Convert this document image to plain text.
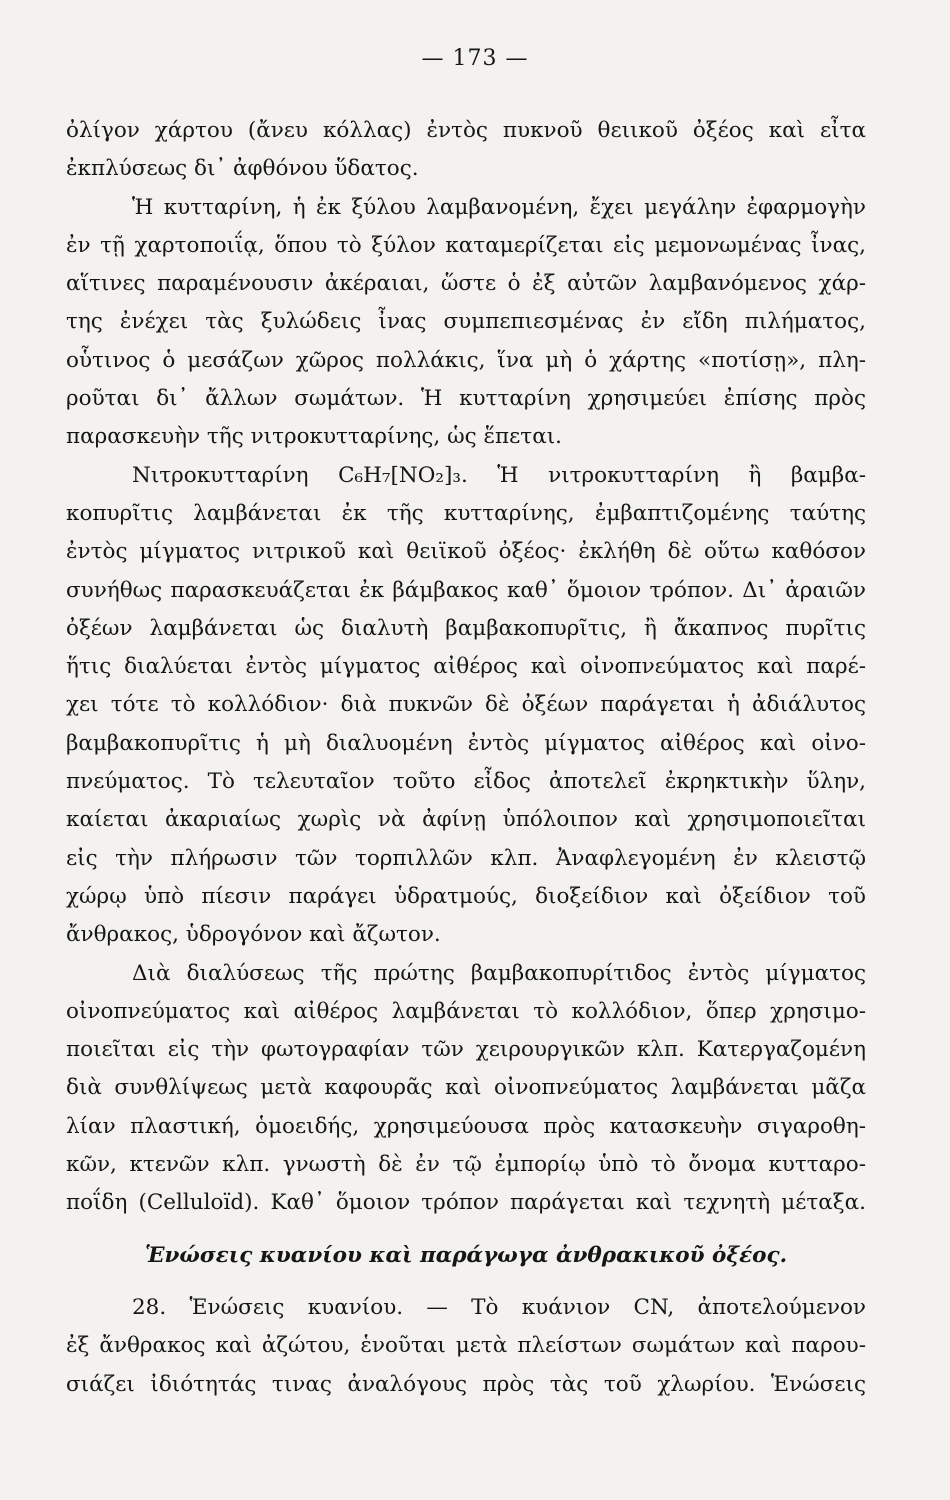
— 173 —
ὀλίγον χάρτου (ἄνευ κόλλας) ἐντὸς πυκνοῦ θειικοῦ ὀξέος καὶ εἶτα
ἐκπλύσεως δι᾿ ἀφθόνου ὕδατος.
Ἡ κυτταρίνη, ἡ ἐκ ξύλου λαμβανομένη, ἔχει μεγάλην ἐφαρμογὴν
ἐν τῇ χαρτοποιΐᾳ, ὅπου τὸ ξύλον καταμερίζεται εἰς μεμονωμένας ἶνας,
αἵτινες παραμένουσιν ἀκέραιαι, ὥστε ὁ ἐξ αὐτῶν λαμβανόμενος χάρ-
της ἐνέχει τὰς ξυλώδεις ἶνας συμπεπιεσμένας ἐν εἴδη πιλήματος,
οὗτινος ὁ μεσάζων χῶρος πολλάκις, ἵνα μὴ ὁ χάρτης «ποτίσῃ», πλη-
ροῦται δι᾿ ἄλλων σωμάτων. Ἡ κυτταρίνη χρησιμεύει ἐπίσης πρὸς
παρασκευὴν τῆς νιτροκυτταρίνης, ὡς ἕπεται.
Νιτροκυτταρίνη C₆H₇[NO₂]₃. Ἡ νιτροκυτταρίνη ἢ βαμβα-
κοπυρῖτις λαμβάνεται ἐκ τῆς κυτταρίνης, ἐμβαπτιζομένης ταύτης
ἐντὸς μίγματος νιτρικοῦ καὶ θειϊκοῦ ὀξέος· ἐκλήθη δὲ οὕτω καθόσον
συνήθως παρασκευάζεται ἐκ βάμβακος καθ᾿ ὅμοιον τρόπον. Δι᾿ ἀραιῶν
ὀξέων λαμβάνεται ὡς διαλυτὴ βαμβακοπυρῖτις, ἢ ἄκαπνος πυρῖτις
ἥτις διαλύεται ἐντὸς μίγματος αἰθέρος καὶ οἰνοπνεύματος καὶ παρέ-
χει τότε τὸ κολλόδιον· διὰ πυκνῶν δὲ ὀξέων παράγεται ἡ ἀδιάλυτος
βαμβακοπυρῖτις ἡ μὴ διαλυομένη ἐντὸς μίγματος αἰθέρος καὶ οἰνο-
πνεύματος. Τὸ τελευταῖον τοῦτο εἶδος ἀποτελεῖ ἐκρηκτικὴν ὕλην,
καίεται ἀκαριαίως χωρὶς νὰ ἀφίνῃ ὑπόλοιπον καὶ χρησιμοποιεῖται
εἰς τὴν πλήρωσιν τῶν τορπιλλῶν κλπ. Ἀναφλεγομένη ἐν κλειστῷ
χώρῳ ὑπὸ πίεσιν παράγει ὑδρατμούς, διοξείδιον καὶ ὀξείδιον τοῦ
ἄνθρακος, ὑδρογόνον καὶ ἄζωτον.
Διὰ διαλύσεως τῆς πρώτης βαμβακοπυρίτιδος ἐντὸς μίγματος
οἰνοπνεύματος καὶ αἰθέρος λαμβάνεται τὸ κολλόδιον, ὅπερ χρησιμο-
ποιεῖται εἰς τὴν φωτογραφίαν τῶν χειρουργικῶν κλπ. Κατεργαζομένη
διὰ συνθλίψεως μετὰ καφουρᾶς καὶ οἰνοπνεύματος λαμβάνεται μᾶζα
λίαν πλαστική, ὁμοειδής, χρησιμεύουσα πρὸς κατασκευὴν σιγαροθη-
κῶν, κτενῶν κλπ. γνωστὴ δὲ ἐν τῷ ἐμπορίῳ ὑπὸ τὸ ὄνομα κυτταρο-
ποΐδη (Celluloïd). Καθ᾿ ὅμοιον τρόπον παράγεται καὶ τεχνητὴ μέταξα.
Ἑνώσεις κυανίου καὶ παράγωγα ἀνθρακικοῦ ὀξέος.
28. Ἑνώσεις κυανίου. — Τὸ κυάνιον CN, ἀποτελούμενον
ἐξ ἄνθρακος καὶ ἀζώτου, ἑνοῦται μετὰ πλείστων σωμάτων καὶ παρου-
σιάζει ἰδιότητάς τινας ἀναλόγους πρὸς τὰς τοῦ χλωρίου. Ἑνώσεις
